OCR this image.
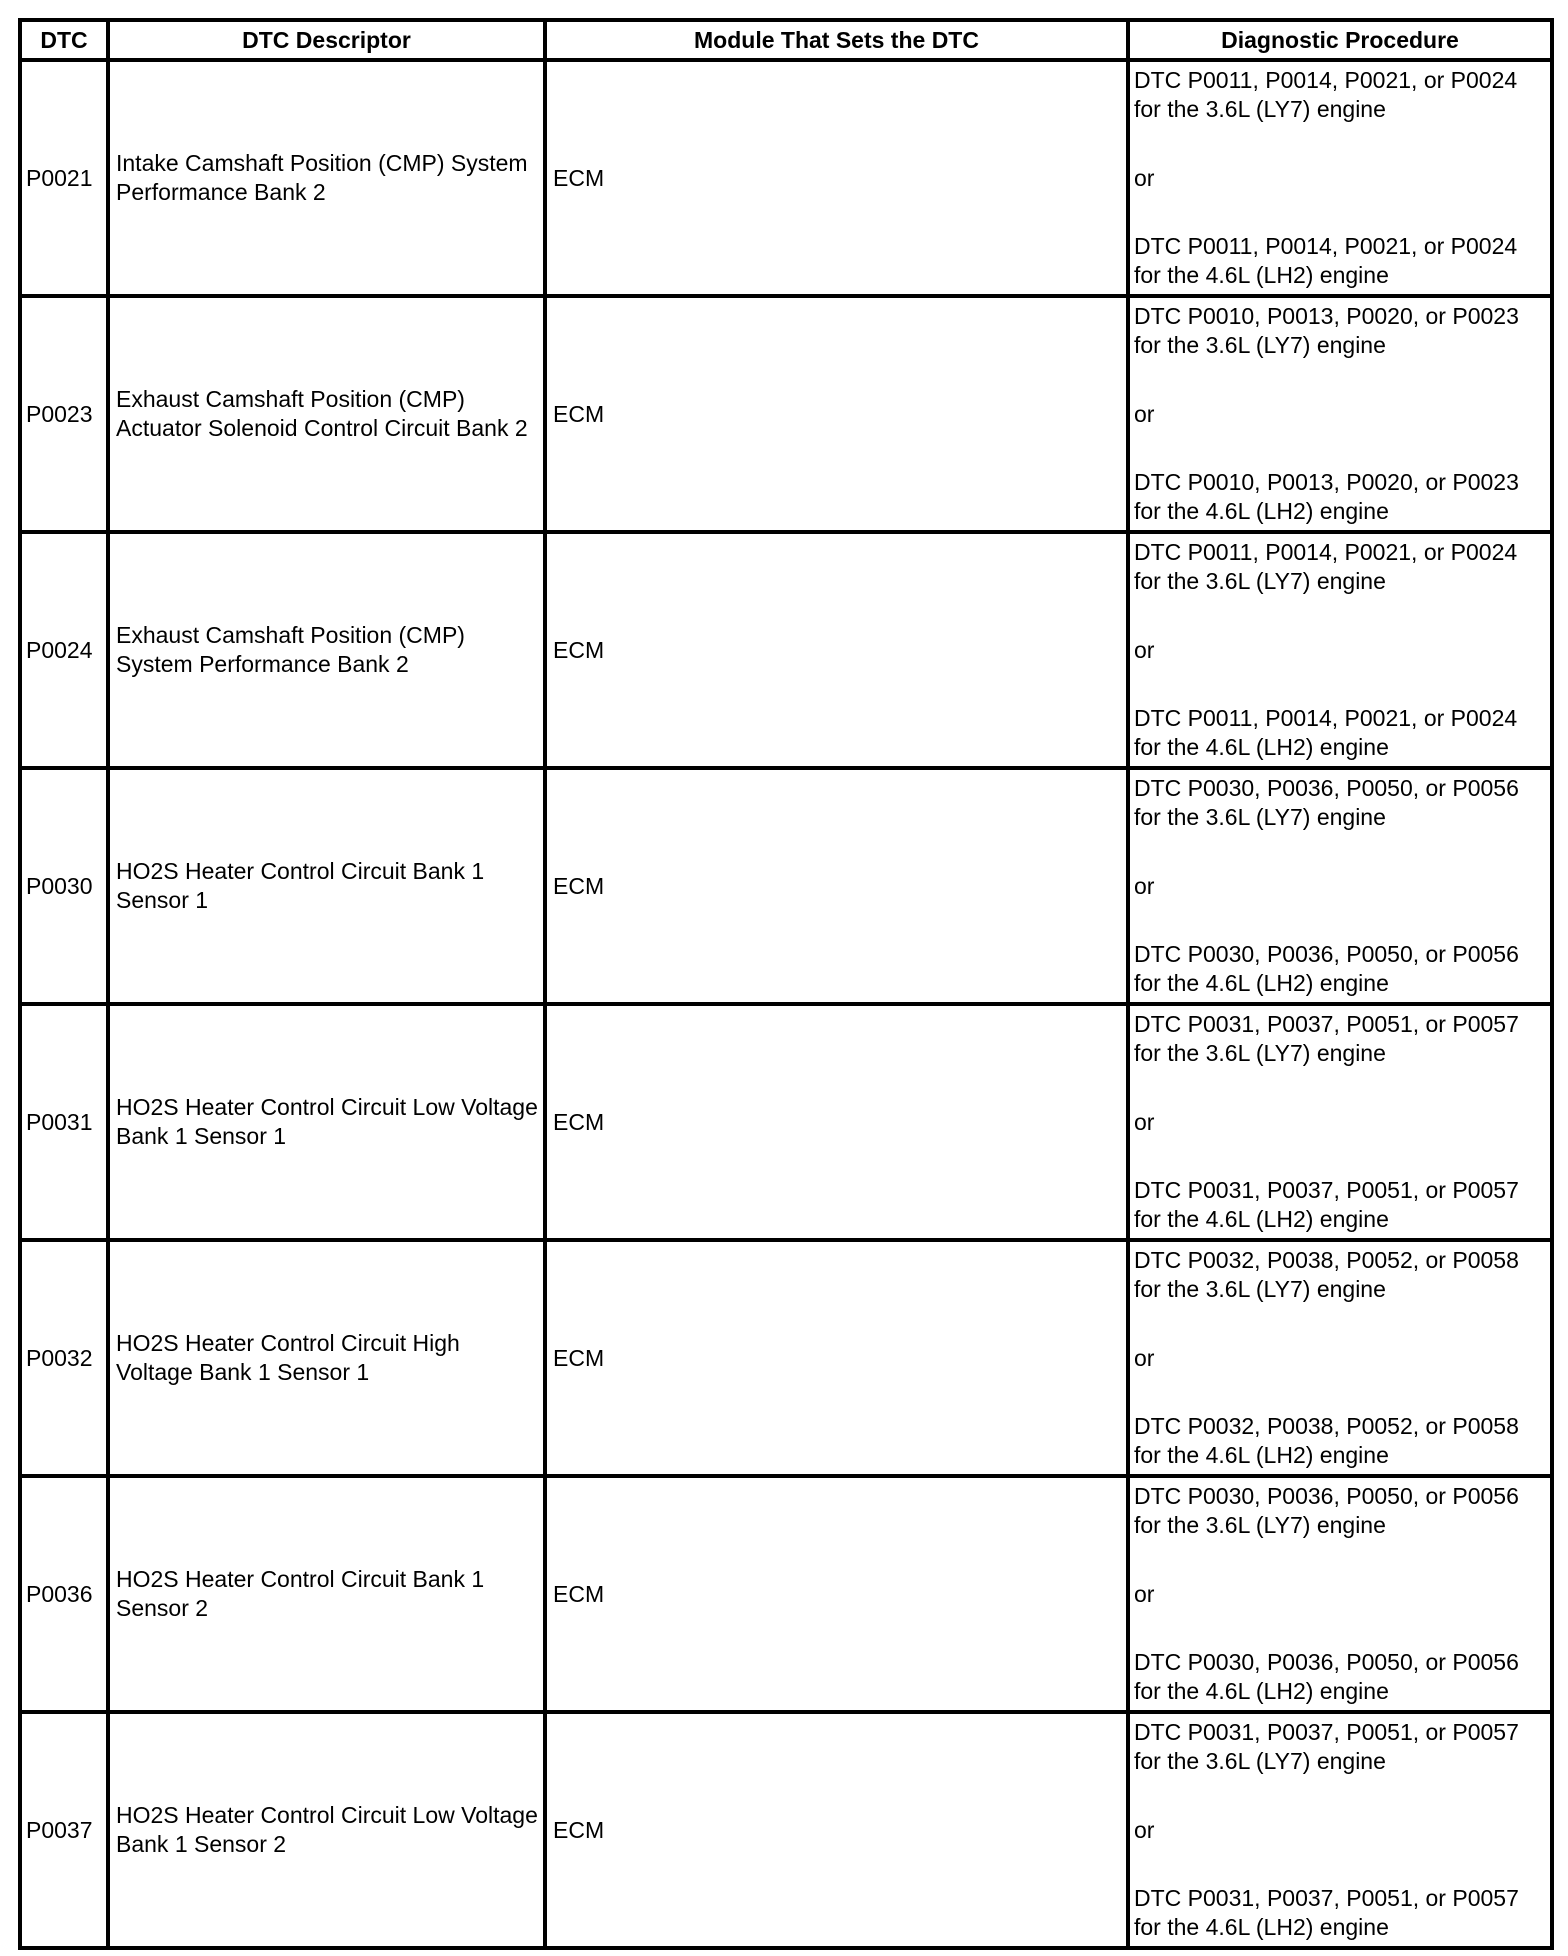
DTC	DTC Descriptor	Module That Sets the DTC	Diagnostic Procedure
P0021	Intake Camshaft Position (CMP) System Performance Bank 2	ECM	DTC P0011, P0014, P0021, or P0024 for the 3.6L (LY7) engine
or
DTC P0011, P0014, P0021, or P0024 for the 4.6L (LH2) engine

P0023	Exhaust Camshaft Position (CMP) Actuator Solenoid Control Circuit Bank 2	ECM	DTC P0010, P0013, P0020, or P0023 for the 3.6L (LY7) engine
or
DTC P0010, P0013, P0020, or P0023 for the 4.6L (LH2) engine

P0024	Exhaust Camshaft Position (CMP) System Performance Bank 2	ECM	DTC P0011, P0014, P0021, or P0024 for the 3.6L (LY7) engine
or
DTC P0011, P0014, P0021, or P0024 for the 4.6L (LH2) engine

P0030	HO2S Heater Control Circuit Bank 1 Sensor 1	ECM	DTC P0030, P0036, P0050, or P0056 for the 3.6L (LY7) engine
or
DTC P0030, P0036, P0050, or P0056 for the 4.6L (LH2) engine

P0031	HO2S Heater Control Circuit Low Voltage Bank 1 Sensor 1	ECM	DTC P0031, P0037, P0051, or P0057 for the 3.6L (LY7) engine
or
DTC P0031, P0037, P0051, or P0057 for the 4.6L (LH2) engine

P0032	HO2S Heater Control Circuit High Voltage Bank 1 Sensor 1	ECM	DTC P0032, P0038, P0052, or P0058 for the 3.6L (LY7) engine
or
DTC P0032, P0038, P0052, or P0058 for the 4.6L (LH2) engine

P0036	HO2S Heater Control Circuit Bank 1 Sensor 2	ECM	DTC P0030, P0036, P0050, or P0056 for the 3.6L (LY7) engine
or
DTC P0030, P0036, P0050, or P0056 for the 4.6L (LH2) engine

P0037	HO2S Heater Control Circuit Low Voltage Bank 1 Sensor 2	ECM	DTC P0031, P0037, P0051, or P0057 for the 3.6L (LY7) engine
or
DTC P0031, P0037, P0051, or P0057 for the 4.6L (LH2) engine
